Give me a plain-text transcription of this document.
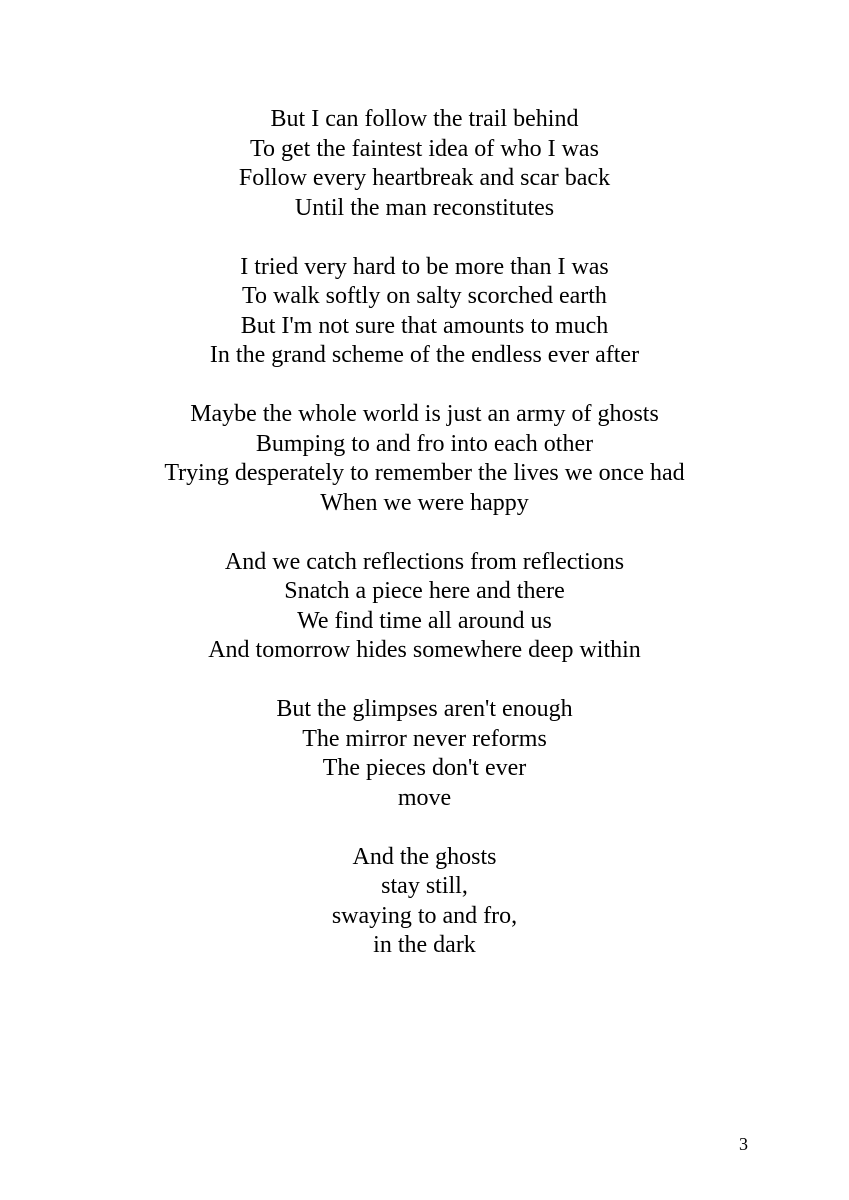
But I can follow the trail behind
To get the faintest idea of who I was
Follow every heartbreak and scar back
Until the man reconstitutes
I tried very hard to be more than I was
To walk softly on salty scorched earth
But I'm not sure that amounts to much
In the grand scheme of the endless ever after
Maybe the whole world is just an army of ghosts
Bumping to and fro into each other
Trying desperately to remember the lives we once had
When we were happy
And we catch reflections from reflections
Snatch a piece here and there
We find time all around us
And tomorrow hides somewhere deep within
But the glimpses aren't enough
The mirror never reforms
The pieces don't ever
move
And the ghosts
stay still,
swaying to and fro,
in the dark
3
